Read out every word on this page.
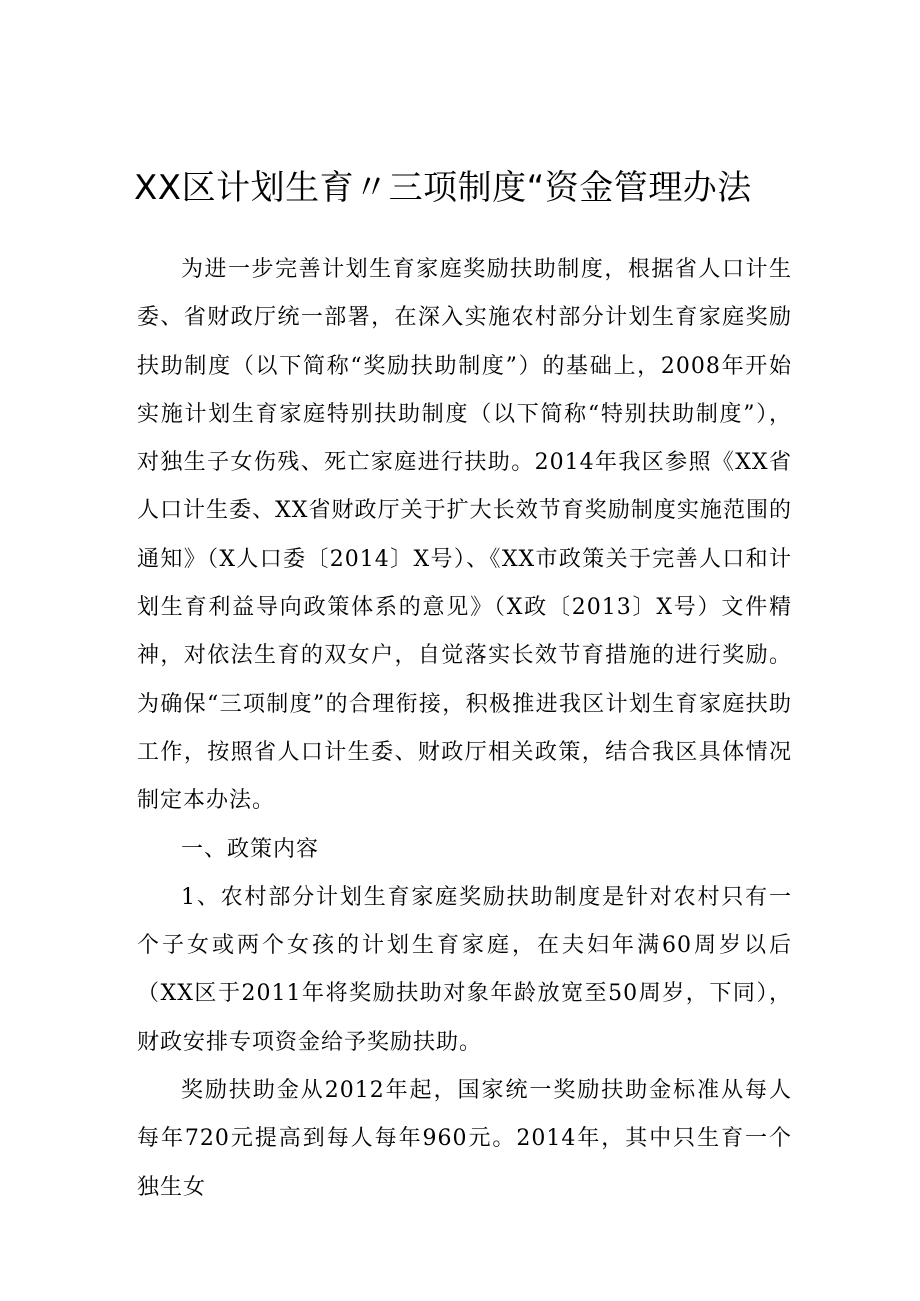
XX区计划生育〃三项制度“资金管理办法

为进一步完善计划生育家庭奖励扶助制度，根据省人口计生委、省财政厅统一部署，在深入实施农村部分计划生育家庭奖励扶助制度（以下简称“奖励扶助制度”）的基础上，2008年开始实施计划生育家庭特别扶助制度（以下简称“特别扶助制度”），对独生子女伤残、死亡家庭进行扶助。2014年我区参照《XX省人口计生委、XX省财政厅关于扩大长效节育奖励制度实施范围的通知》（X人口委〔2014〕X号）、《XX市政策关于完善人口和计划生育利益导向政策体系的意见》（X政〔2013〕X号）文件精神，对依法生育的双女户，自觉落实长效节育措施的进行奖励。为确保“三项制度”的合理衔接，积极推进我区计划生育家庭扶助工作，按照省人口计生委、财政厅相关政策，结合我区具体情况制定本办法。

一、政策内容

1、农村部分计划生育家庭奖励扶助制度是针对农村只有一个子女或两个女孩的计划生育家庭，在夫妇年满60周岁以后（XX区于2011年将奖励扶助对象年龄放宽至50周岁，下同），财政安排专项资金给予奖励扶助。

奖励扶助金从2012年起，国家统一奖励扶助金标准从每人每年720元提高到每人每年960元。2014年，其中只生育一个独生女
